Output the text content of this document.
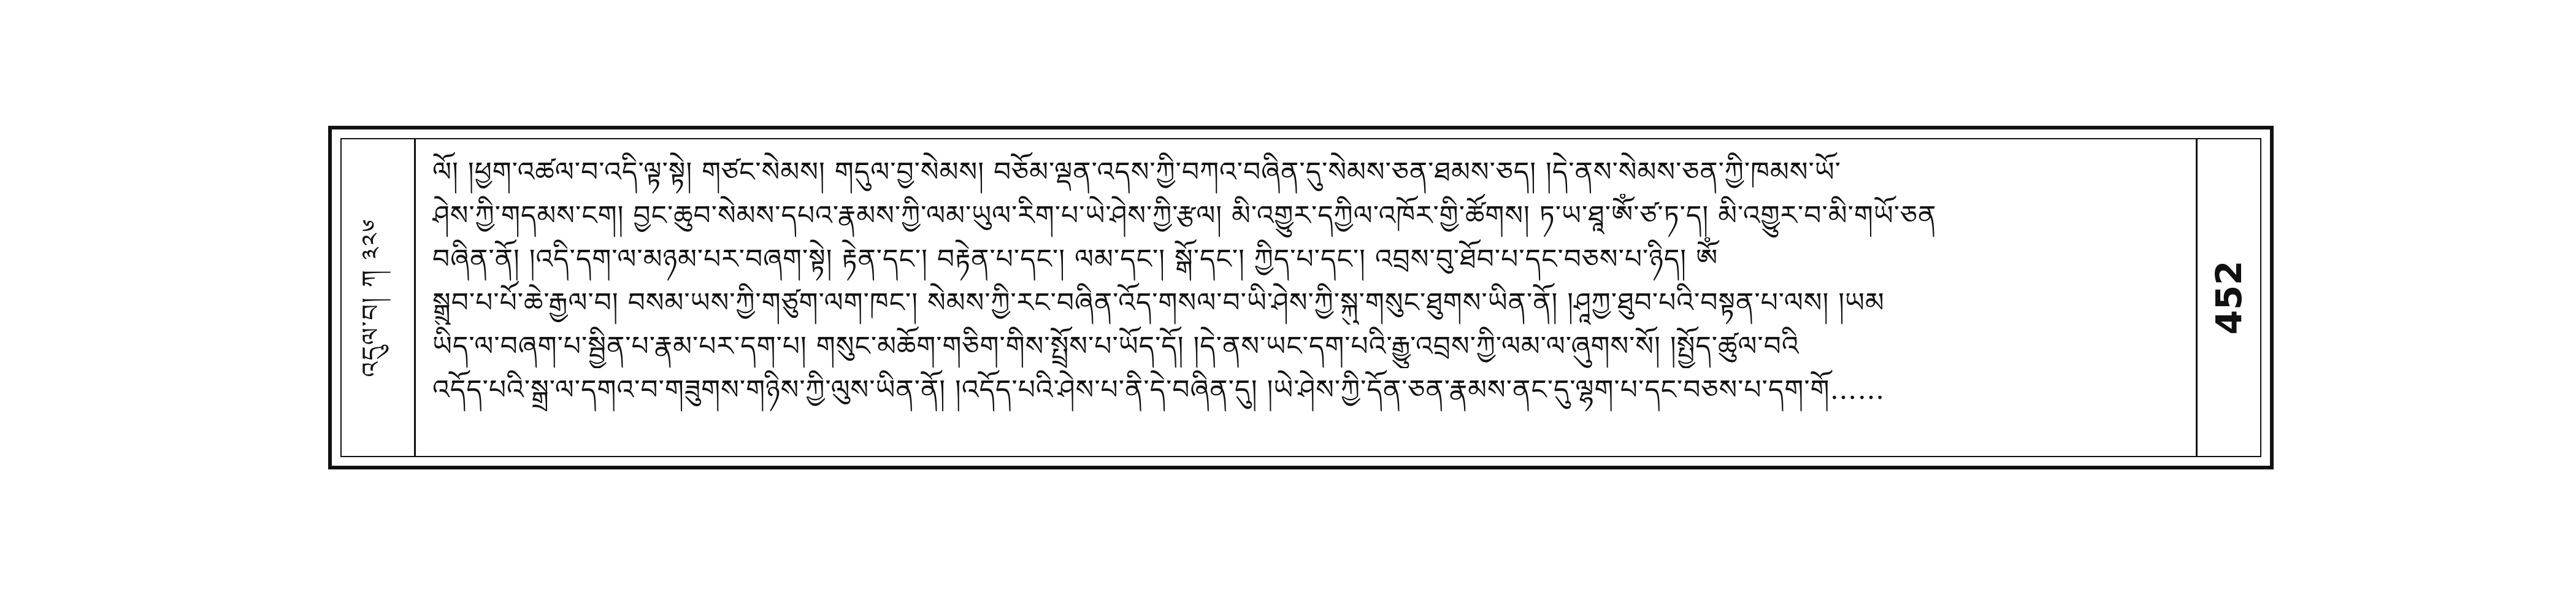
འདུལ་བ། ཀ ༣༢༦
ལོ། །ཕྱག་འཚལ་བ་འདི་ལྟ་སྟེ། གཙང་སེམས། གདུལ་བྱ་སེམས། བཅོམ་ལྡན་འདས་ཀྱི་བཀའ་བཞིན་དུ་སེམས་ཅན་ཐམས་ཅད། །དེ་ནས་སེམས་ཅན་ཀྱི་ཁམས་ཡོ་
ཤེས་ཀྱི་གདམས་ངག། བྱང་ཆུབ་སེམས་དཔའ་རྣམས་ཀྱི་ལམ་ཡུལ་རིག་པ་ཡེ་ཤེས་ཀྱི་རྩལ། མི་འགྱུར་དཀྱིལ་འཁོར་གྱི་ཚོགས། ཏ་ཡ་ཐཱ་ཨོཾ་ཙ་ཏ་ད། མི་འགྱུར་བ་མི་གཡོ་ཅན
བཞིན་ནོ། །འདི་དག་ལ་མཉམ་པར་བཞག་སྟེ། རྟེན་དང་། བརྟེན་པ་དང་། ལམ་དང་། སྒོ་དང་། ཀྱིད་པ་དང་། འབྲས་བུ་ཐོབ་པ་དང་བཅས་པ་ཉིད། ཨོཾ
སྒྲུབ་པ་པོ་ཆེ་རྒྱལ་བ། བསམ་ཡས་ཀྱི་གཙུག་ལག་ཁང་། སེམས་ཀྱི་རང་བཞིན་འོད་གསལ་བ་ཡི་ཤེས་ཀྱི་སྐུ་གསུང་ཐུགས་ཡིན་ནོ། །ཤཱཀྱ་ཐུབ་པའི་བསྟན་པ་ལས། །ཡམ
ཡིད་ལ་བཞག་པ་སྦྱིན་པ་རྣམ་པར་དག་པ། གསུང་མཆོག་གཅིག་གིས་སྤྲོས་པ་ཡོད་དོ། །དེ་ནས་ཡང་དག་པའི་རྒྱུ་འབྲས་ཀྱི་ལམ་ལ་ཞུགས་སོ། །སྤྱོད་ཚུལ་བའི
འདོད་པའི་སྒྲ་ལ་དགའ་བ་གཟུགས་གཉིས་ཀྱི་ལུས་ཡིན་ནོ། །འདོད་པའི་ཤེས་པ་ནི་དེ་བཞིན་དུ། །ཡེ་ཤེས་ཀྱི་དོན་ཅན་རྣམས་ནང་དུ་ལྷག་པ་དང་བཅས་པ་དག་གོ……
452
